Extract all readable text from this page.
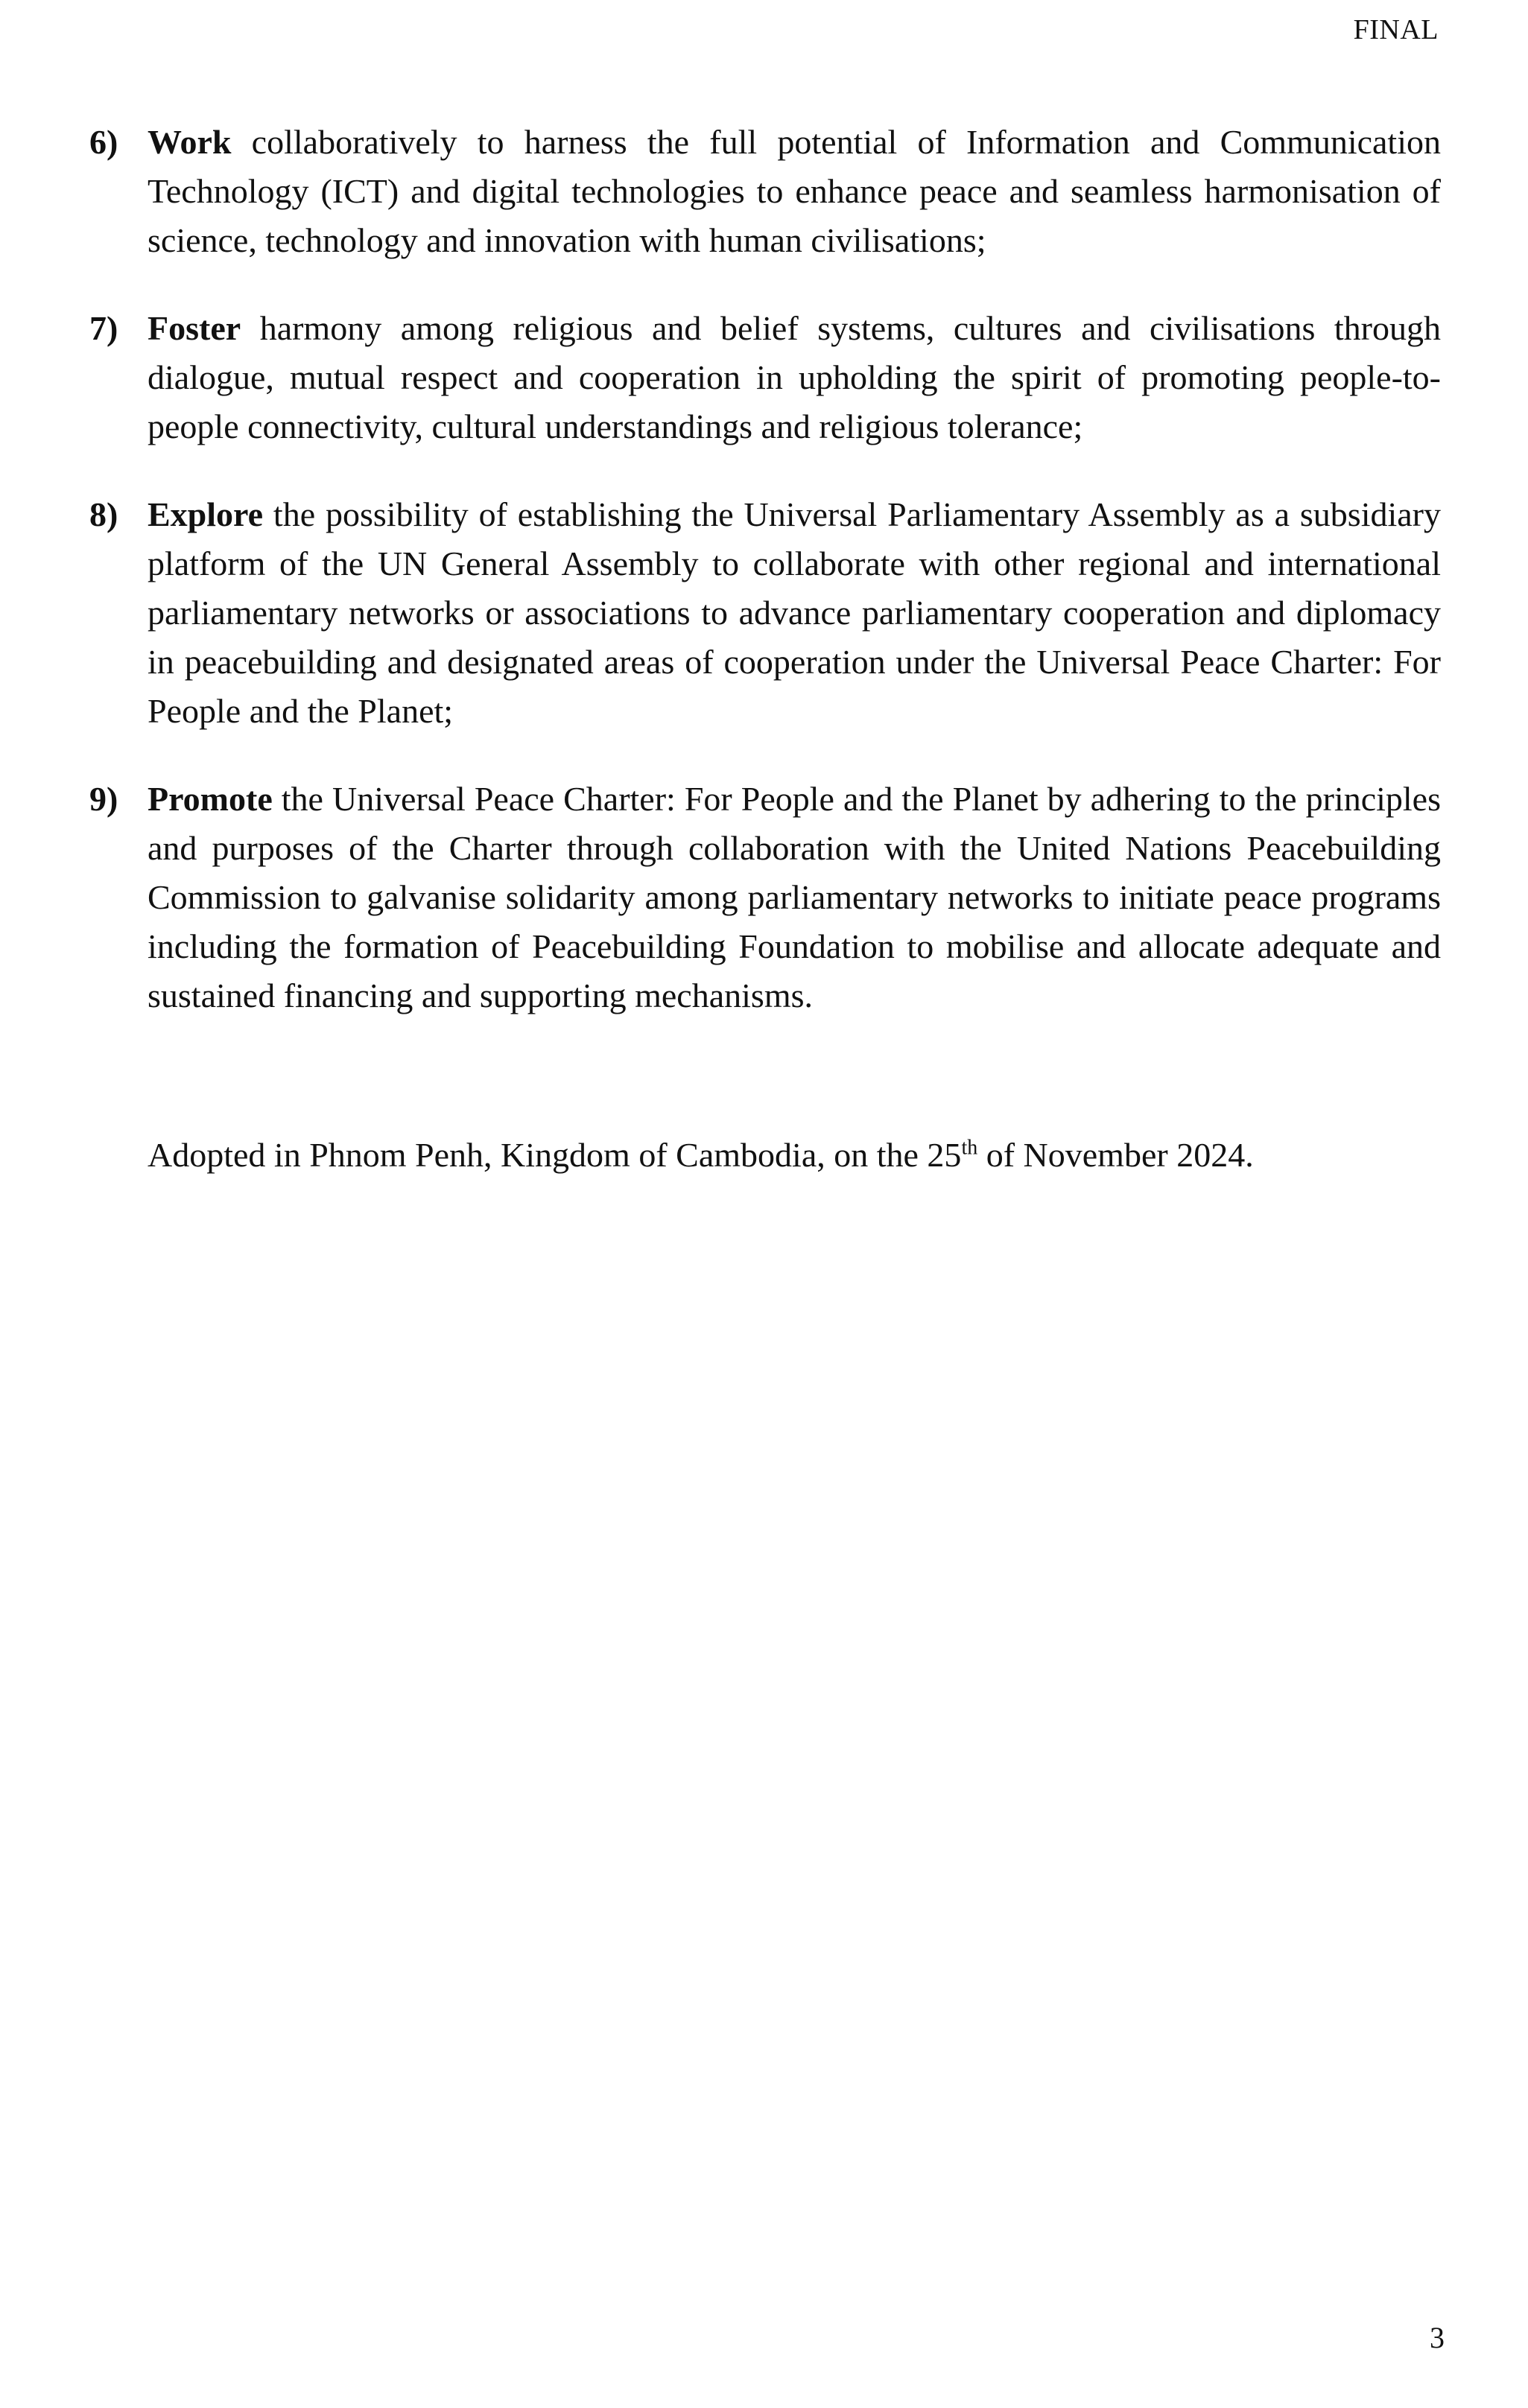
FINAL
6) Work collaboratively to harness the full potential of Information and Communication Technology (ICT) and digital technologies to enhance peace and seamless harmonisation of science, technology and innovation with human civilisations;
7) Foster harmony among religious and belief systems, cultures and civilisations through dialogue, mutual respect and cooperation in upholding the spirit of promoting people-to-people connectivity, cultural understandings and religious tolerance;
8) Explore the possibility of establishing the Universal Parliamentary Assembly as a subsidiary platform of the UN General Assembly to collaborate with other regional and international parliamentary networks or associations to advance parliamentary cooperation and diplomacy in peacebuilding and designated areas of cooperation under the Universal Peace Charter: For People and the Planet;
9) Promote the Universal Peace Charter: For People and the Planet by adhering to the principles and purposes of the Charter through collaboration with the United Nations Peacebuilding Commission to galvanise solidarity among parliamentary networks to initiate peace programs including the formation of Peacebuilding Foundation to mobilise and allocate adequate and sustained financing and supporting mechanisms.
Adopted in Phnom Penh, Kingdom of Cambodia, on the 25th of November 2024.
3
